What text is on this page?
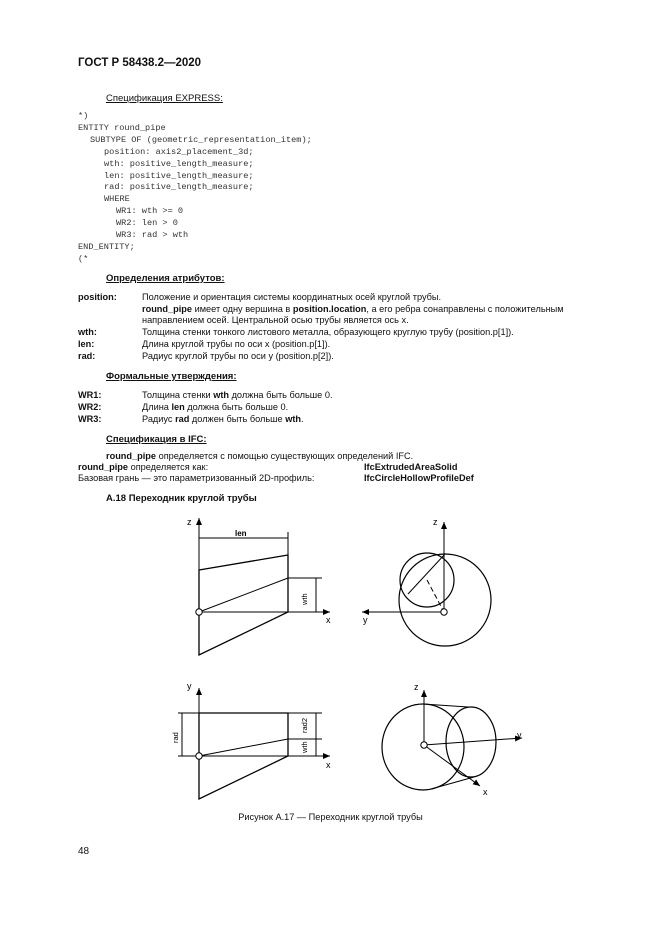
ГОСТ Р 58438.2—2020
Спецификация EXPRESS:
*)
ENTITY round_pipe
SUBTYPE OF (geometric_representation_item);
position: axis2_placement_3d;
wth: positive_length_measure;
len: positive_length_measure;
rad: positive_length_measure;
WHERE
WR1: wth >= 0
WR2: len > 0
WR3: rad > wth
END_ENTITY;
(*
Определения атрибутов:
position:	Положение и ориентация системы координатных осей круглой трубы.
round_pipe имеет одну вершина в position.location, а его ребра сонаправлены с положительным
направлением осей. Центральной осью трубы является ось x.
wth:	Толщина стенки тонкого листового металла, образующего круглую трубу (position.p[1]).
len:	Длина круглой трубы по оси x (position.p[1]).
rad:	Радиус круглой трубы по оси y (position.p[2]).
Формальные утверждения:
WR1:	Толщина стенки wth должна быть больше 0.
WR2:	Длина len должна быть больше 0.
WR3:	Радиус rad должен быть больше wth.
Спецификация в IFC:
round_pipe определяется с помощью существующих определений IFC.
round_pipe определяется как:	IfcExtrudedAreaSolid
Базовая грань — это параметризованный 2D-профиль:	IfcCircleHollowProfileDef
А.18 Переходник круглой трубы
z
x
len
wth
z
y
y
x
rad
rad2
wth
z
y
x
Рисунок А.17 — Переходник круглой трубы
48
